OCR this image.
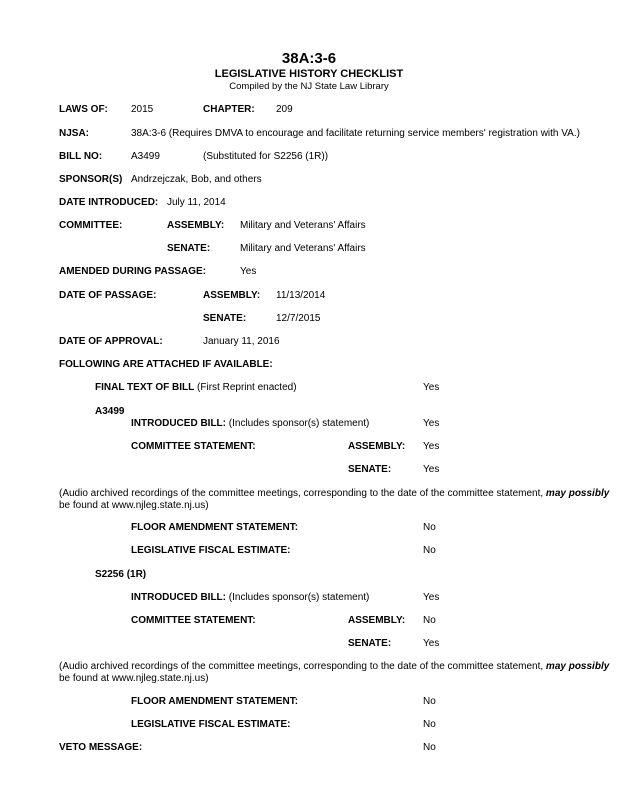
38A:3-6
LEGISLATIVE HISTORY CHECKLIST
Compiled by the NJ State Law Library
LAWS OF: 2015	CHAPTER: 209
NJSA:	38A:3-6 (Requires DMVA to encourage and facilitate returning service members' registration with VA.)
BILL NO:	A3499	(Substituted for S2256 (1R))
SPONSOR(S) Andrzejczak, Bob, and others
DATE INTRODUCED: July 11, 2014
COMMITTEE:	ASSEMBLY: Military and Veterans' Affairs
SENATE:	Military and Veterans' Affairs
AMENDED DURING PASSAGE:	Yes
DATE OF PASSAGE:	ASSEMBLY: 11/13/2014
SENATE:	12/7/2015
DATE OF APPROVAL:	January 11, 2016
FOLLOWING ARE ATTACHED IF AVAILABLE:
FINAL TEXT OF BILL (First Reprint enacted)	Yes
A3499
INTRODUCED BILL: (Includes sponsor(s) statement)	Yes
COMMITTEE STATEMENT:	ASSEMBLY: Yes
SENATE:	Yes
(Audio archived recordings of the committee meetings, corresponding to the date of the committee statement, may possibly
be found at www.njleg.state.nj.us)
FLOOR AMENDMENT STATEMENT:	No
LEGISLATIVE FISCAL ESTIMATE:	No
S2256 (1R)
INTRODUCED BILL: (Includes sponsor(s) statement)	Yes
COMMITTEE STATEMENT:	ASSEMBLY: No
SENATE:	Yes
(Audio archived recordings of the committee meetings, corresponding to the date of the committee statement, may possibly
be found at www.njleg.state.nj.us)
FLOOR AMENDMENT STATEMENT:	No
LEGISLATIVE FISCAL ESTIMATE:	No
VETO MESSAGE:	No
